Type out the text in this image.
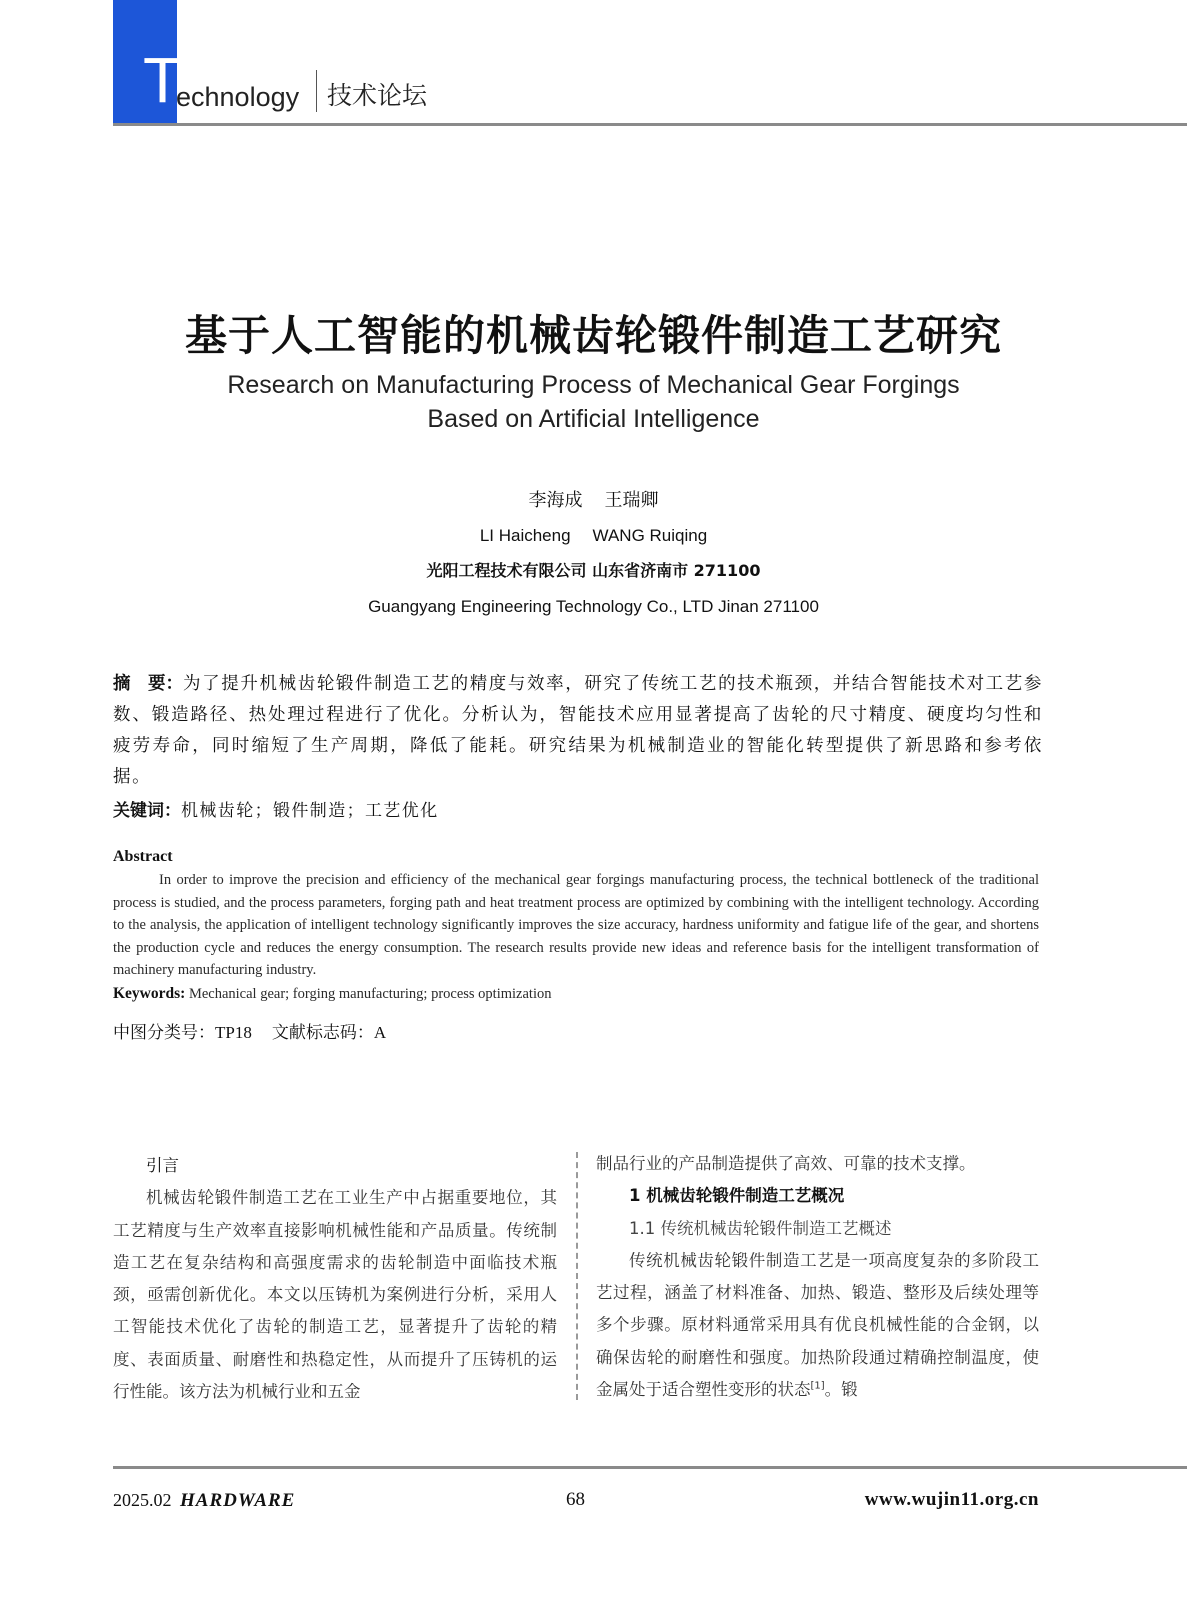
T
echnology 技术论坛
基于人工智能的机械齿轮锻件制造工艺研究
Research on Manufacturing Process of Mechanical Gear Forgings
Based on Artificial Intelligence
李海成 王瑞卿
LI Haicheng WANG Ruiqing
光阳工程技术有限公司 山东省济南市 271100
Guangyang Engineering Technology Co., LTD Jinan 271100
摘　要：为了提升机械齿轮锻件制造工艺的精度与效率，研究了传统工艺的技术瓶颈，并结合智能技术对工艺参数、锻造路径、热处理过程进行了优化。分析认为，智能技术应用显著提高了齿轮的尺寸精度、硬度均匀性和疲劳寿命，同时缩短了生产周期，降低了能耗。研究结果为机械制造业的智能化转型提供了新思路和参考依据。
关键词：机械齿轮；锻件制造；工艺优化
Abstract
In order to improve the precision and efficiency of the mechanical gear forgings manufacturing process, the technical bottleneck of the traditional process is studied, and the process parameters, forging path and heat treatment process are optimized by combining with the intelligent technology. According to the analysis, the application of intelligent technology significantly improves the size accuracy, hardness uniformity and fatigue life of the gear, and shortens the production cycle and reduces the energy consumption. The research results provide new ideas and reference basis for the intelligent transformation of machinery manufacturing industry.
Keywords: Mechanical gear; forging manufacturing; process optimization
中图分类号：TP18 文献标志码：A

引言

机械齿轮锻件制造工艺在工业生产中占据重要地位，其工艺精度与生产效率直接影响机械性能和产品质量。传统制造工艺在复杂结构和高强度需求的齿轮制造中面临技术瓶颈，亟需创新优化。本文以压铸机为案例进行分析，采用人工智能技术优化了齿轮的制造工艺，显著提升了齿轮的精度、表面质量、耐磨性和热稳定性，从而提升了压铸机的运行性能。该方法为机械行业和五金

制品行业的产品制造提供了高效、可靠的技术支撑。

1 机械齿轮锻件制造工艺概况

1.1 传统机械齿轮锻件制造工艺概述

传统机械齿轮锻件制造工艺是一项高度复杂的多阶段工艺过程，涵盖了材料准备、加热、锻造、整形及后续处理等多个步骤。原材料通常采用具有优良机械性能的合金钢，以确保齿轮的耐磨性和强度。加热阶段通过精确控制温度，使金属处于适合塑性变形的状态[1]。锻

2025.02 HARDWARE	68	www.wujin11.org.cn
